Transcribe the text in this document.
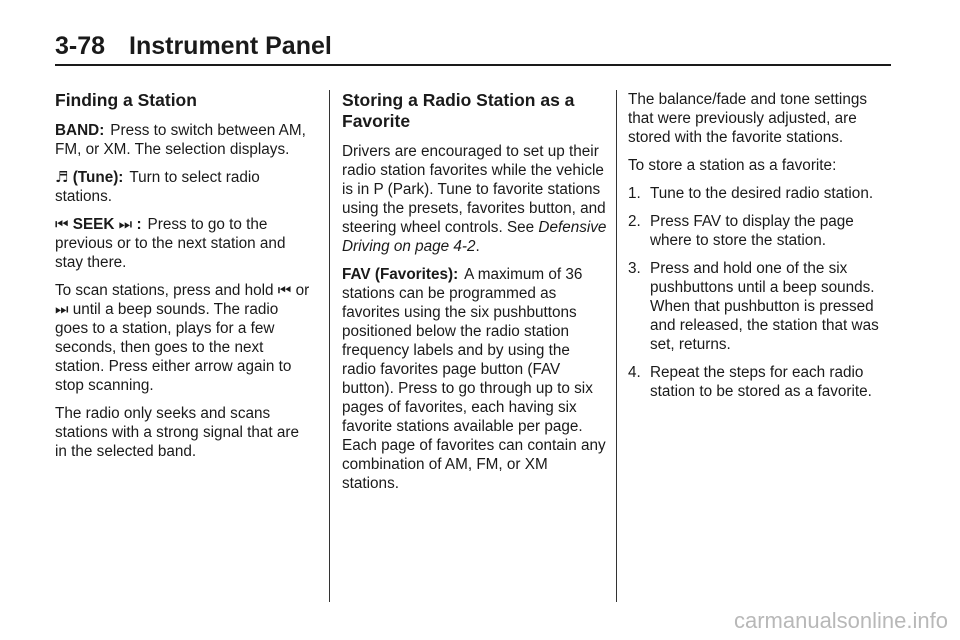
3-78 Instrument Panel
Finding a Station

BAND: Press to switch between AM, FM, or XM. The selection displays.

♬ (Tune): Turn to select radio stations.

⏮ SEEK ⏭ : Press to go to the previous or to the next station and stay there.

To scan stations, press and hold ⏮ or ⏭ until a beep sounds. The radio goes to a station, plays for a few seconds, then goes to the next station. Press either arrow again to stop scanning.

The radio only seeks and scans stations with a strong signal that are in the selected band.

Storing a Radio Station as a Favorite

Drivers are encouraged to set up their radio station favorites while the vehicle is in P (Park). Tune to favorite stations using the presets, favorites button, and steering wheel controls. See Defensive Driving on page 4-2.

FAV (Favorites): A maximum of 36 stations can be programmed as favorites using the six pushbuttons positioned below the radio station frequency labels and by using the radio favorites page button (FAV button). Press to go through up to six pages of favorites, each having six favorite stations available per page. Each page of favorites can contain any combination of AM, FM, or XM stations.

The balance/fade and tone settings that were previously adjusted, are stored with the favorite stations.

To store a station as a favorite:

1. Tune to the desired radio station.
2. Press FAV to display the page where to store the station.
3. Press and hold one of the six pushbuttons until a beep sounds. When that pushbutton is pressed and released, the station that was set, returns.
4. Repeat the steps for each radio station to be stored as a favorite.
carmanualsonline.info
